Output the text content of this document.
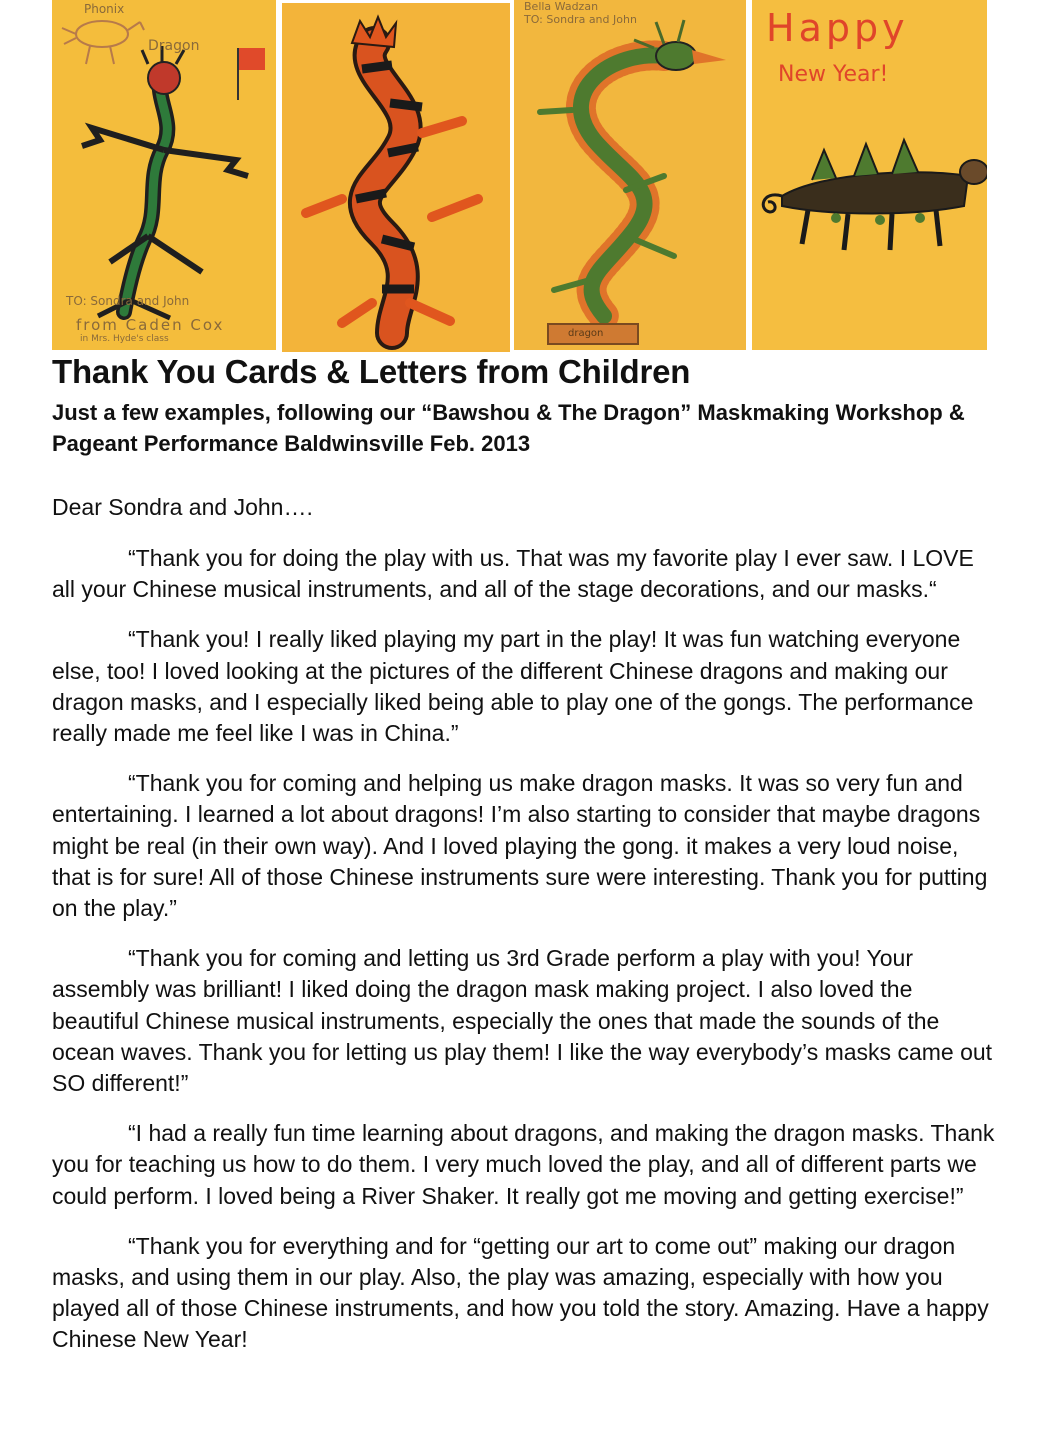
Phonix
Dragon
TO: Sondra and John
from Caden Cox
in Mrs. Hyde's class
Bella Wadzan
TO: Sondra and John
dragon
Happy
New Year!
Thank You Cards & Letters from Children
Just a few examples, following our “Bawshou & The Dragon” Maskmaking Workshop & Pageant Performance Baldwinsville Feb. 2013

Dear Sondra and John….

“Thank you for doing the play with us. That was my favorite play I ever saw. I LOVE all your Chinese musical instruments, and all of the stage decorations, and our masks.“

“Thank you! I really liked playing my part in the play! It was fun watching everyone else, too! I loved looking at the pictures of the different Chinese dragons and making our dragon masks, and I especially liked being able to play one of the gongs. The performance really made me feel like I was in China.”

“Thank you for coming and helping us make dragon masks. It was so very fun and entertaining. I learned a lot about dragons! I’m also starting to consider that maybe dragons might be real (in their own way). And I loved playing the gong. it makes a very loud noise, that is for sure! All of those Chinese instruments sure were interesting. Thank you for putting on the play.”

“Thank you for coming and letting us 3rd Grade perform a play with you! Your assembly was brilliant! I liked doing the dragon mask making project. I also loved the beautiful Chinese musical instruments, especially the ones that made the sounds of the ocean waves. Thank you for letting us play them! I like the way everybody’s masks came out SO different!”

“I had a really fun time learning about dragons, and making the dragon masks. Thank you for teaching us how to do them. I very much loved the play, and all of different parts we could perform. I loved being a River Shaker. It really got me moving and getting exercise!”

“Thank you for everything and for “getting our art to come out” making our dragon masks, and using them in our play. Also, the play was amazing, especially with how you played all of those Chinese instruments, and how you told the story. Amazing. Have a happy Chinese New Year!
